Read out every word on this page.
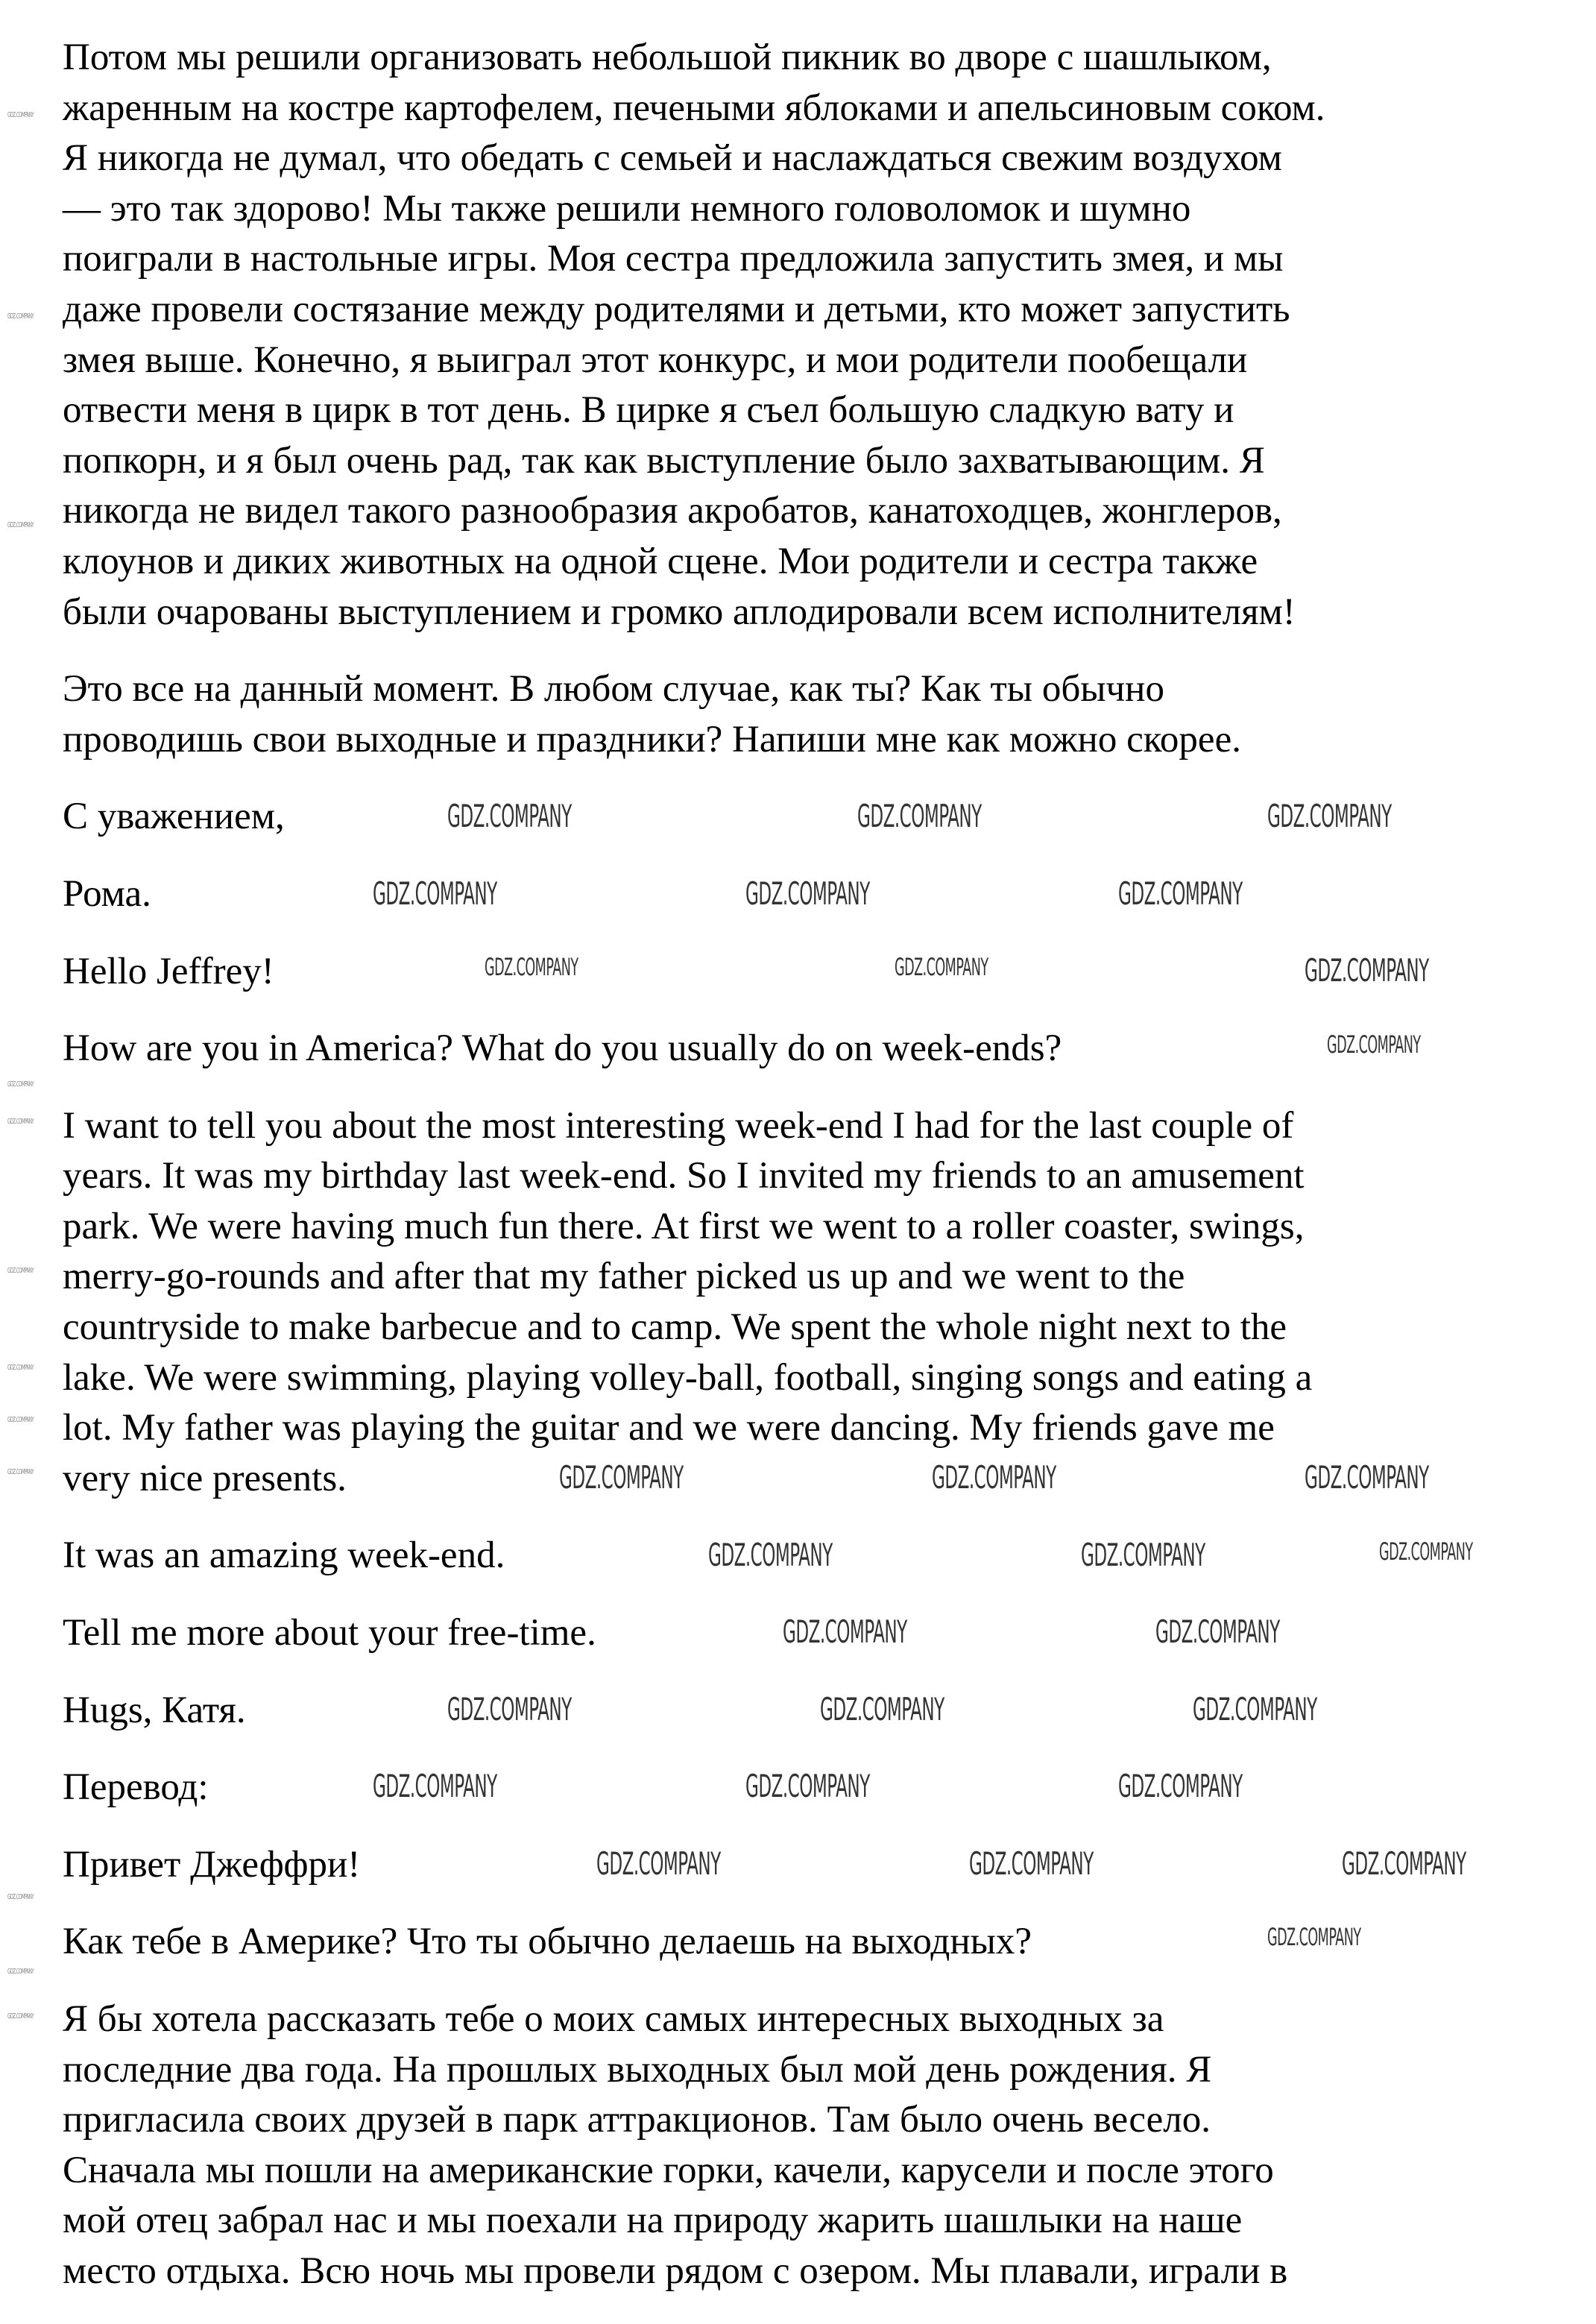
Потом мы решили организовать небольшой пикник во дворе с шашлыком,
жаренным на костре картофелем, печеными яблоками и апельсиновым соком.
Я никогда не думал, что обедать с семьей и наслаждаться свежим воздухом
— это так здорово! Мы также решили немного головоломок и шумно
поиграли в настольные игры. Моя сестра предложила запустить змея, и мы
даже провели состязание между родителями и детьми, кто может запустить
змея выше. Конечно, я выиграл этот конкурс, и мои родители пообещали
отвести меня в цирк в тот день. В цирке я съел большую сладкую вату и
попкорн, и я был очень рад, так как выступление было захватывающим. Я
никогда не видел такого разнообразия акробатов, канатоходцев, жонглеров,
клоунов и диких животных на одной сцене. Мои родители и сестра также
были очарованы выступлением и громко аплодировали всем исполнителям!
Это все на данный момент. В любом случае, как ты? Как ты обычно
проводишь свои выходные и праздники? Напиши мне как можно скорее.
С уважением,
Рома.
Hello Jeffrey!
How are you in America? What do you usually do on week-ends?
I want to tell you about the most interesting week-end I had for the last couple of
years. It was my birthday last week-end. So I invited my friends to an amusement
park. We were having much fun there. At first we went to a roller coaster, swings,
merry-go-rounds and after that my father picked us up and we went to the
countryside to make barbecue and to camp. We spent the whole night next to the
lake. We were swimming, playing volley-ball, football, singing songs and eating a
lot. My father was playing the guitar and we were dancing. My friends gave me
very nice presents.
It was an amazing week-end.
Tell me more about your free-time.
Hugs, Катя.
Перевод:
Привет Джеффри!
Как тебе в Америке? Что ты обычно делаешь на выходных?
Я бы хотела рассказать тебе о моих самых интересных выходных за
последние два года. На прошлых выходных был мой день рождения. Я
пригласила своих друзей в парк аттракционов. Там было очень весело.
Сначала мы пошли на американские горки, качели, карусели и после этого
мой отец забрал нас и мы поехали на природу жарить шашлыки на наше
место отдыха. Всю ночь мы провели рядом с озером. Мы плавали, играли в
GDZ.COMPANY	GDZ.COMPANY	GDZ.COMPANY
GDZ.COMPANY	GDZ.COMPANY	GDZ.COMPANY
GDZ.COMPANY	GDZ.COMPANY	GDZ.COMPANY
GDZ.COMPANY
GDZ.COMPANY	GDZ.COMPANY	GDZ.COMPANY
GDZ.COMPANY	GDZ.COMPANY	GDZ.COMPANY
GDZ.COMPANY	GDZ.COMPANY
GDZ.COMPANY	GDZ.COMPANY	GDZ.COMPANY
GDZ.COMPANY	GDZ.COMPANY	GDZ.COMPANY
GDZ.COMPANY	GDZ.COMPANY	GDZ.COMPANY
GDZ.COMPANY
GDZ.COMPANY
GDZ.COMPANY
GDZ.COMPANY
GDZ.COMPANY
GDZ.COMPANY
GDZ.COMPANY
GDZ.COMPANY
GDZ.COMPANY
GDZ.COMPANY
GDZ.COMPANY
GDZ.COMPANY
GDZ.COMPANY
